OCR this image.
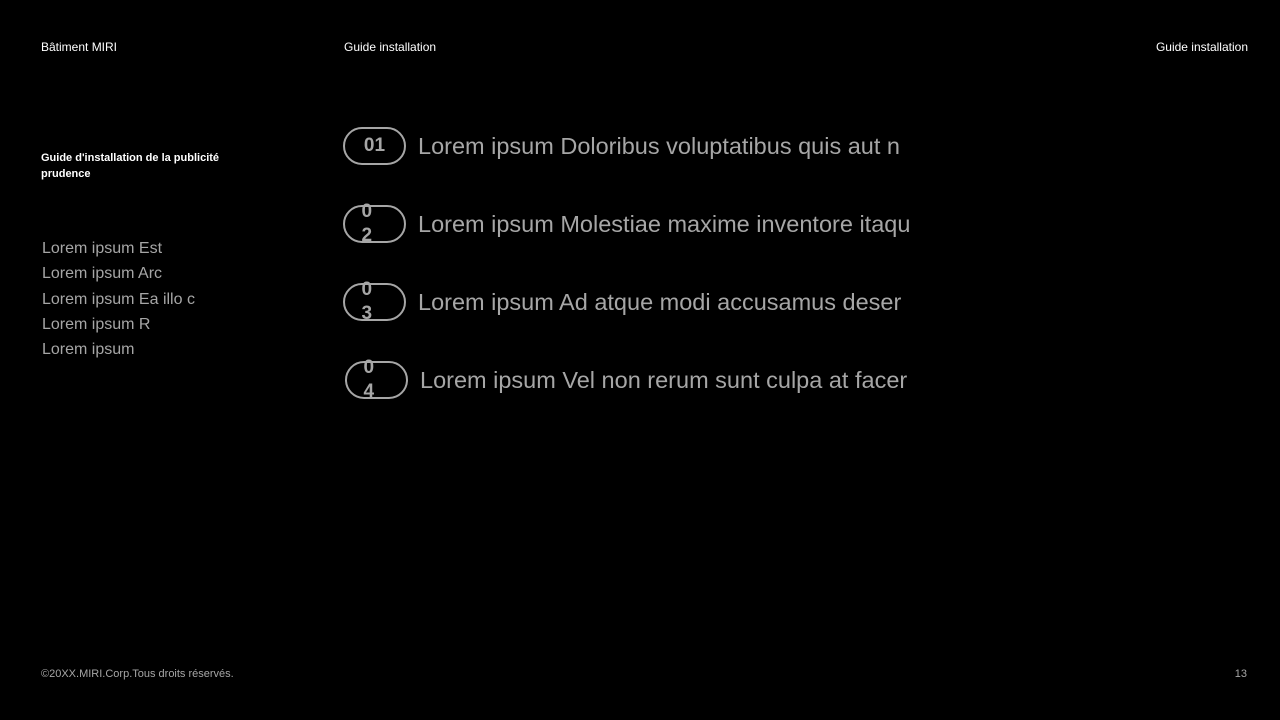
Bâtiment MIRI	Guide installation	Guide installation
Guide d'installation de la publicité prudence
Lorem ipsum Est
Lorem ipsum Arc
Lorem ipsum Ea illo c
Lorem ipsum R
Lorem ipsum
01 Lorem ipsum Doloribus voluptatibus quis aut n
02 Lorem ipsum Molestiae maxime inventore itaqu
03 Lorem ipsum Ad atque modi accusamus deser
04 Lorem ipsum Vel non rerum sunt culpa at facer
©20XX.MIRI.Corp.Tous droits réservés.	13
